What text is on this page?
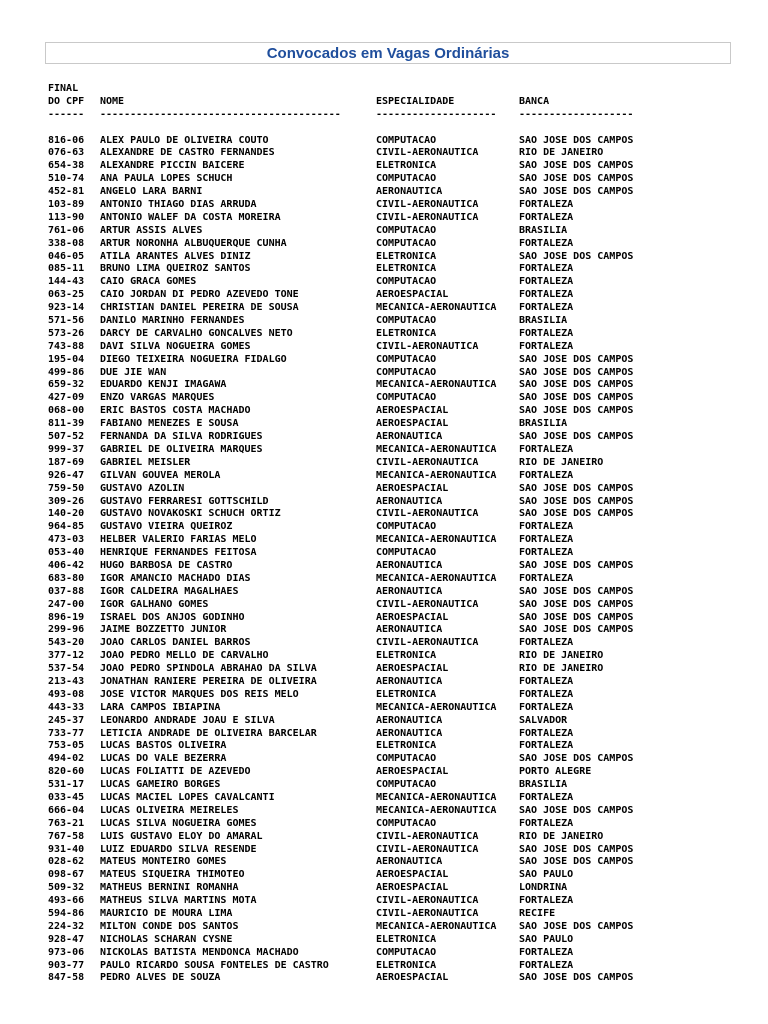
Convocados em Vagas Ordinárias
FINAL
DO CPF	NOME	ESPECIALIDADE	BANCA
------	----------------------------------------	--------------------	-------------------
816-06	ALEX PAULO DE OLIVEIRA COUTO	COMPUTACAO	SAO JOSE DOS CAMPOS
076-63	ALEXANDRE DE CASTRO FERNANDES	CIVIL-AERONAUTICA	RIO DE JANEIRO
654-38	ALEXANDRE PICCIN BAICERE	ELETRONICA	SAO JOSE DOS CAMPOS
510-74	ANA PAULA LOPES SCHUCH	COMPUTACAO	SAO JOSE DOS CAMPOS
452-81	ANGELO LARA BARNI	AERONAUTICA	SAO JOSE DOS CAMPOS
103-89	ANTONIO THIAGO DIAS ARRUDA	CIVIL-AERONAUTICA	FORTALEZA
113-90	ANTONIO WALEF DA COSTA MOREIRA	CIVIL-AERONAUTICA	FORTALEZA
761-06	ARTUR ASSIS ALVES	COMPUTACAO	BRASILIA
338-08	ARTUR NORONHA ALBUQUERQUE CUNHA	COMPUTACAO	FORTALEZA
046-05	ATILA ARANTES ALVES DINIZ	ELETRONICA	SAO JOSE DOS CAMPOS
085-11	BRUNO LIMA QUEIROZ SANTOS	ELETRONICA	FORTALEZA
144-43	CAIO GRACA GOMES	COMPUTACAO	FORTALEZA
063-25	CAIO JORDAN DI PEDRO AZEVEDO TONE	AEROESPACIAL	FORTALEZA
923-14	CHRISTIAN DANIEL PEREIRA DE SOUSA	MECANICA-AERONAUTICA	FORTALEZA
571-56	DANILO MARINHO FERNANDES	COMPUTACAO	BRASILIA
573-26	DARCY DE CARVALHO GONCALVES NETO	ELETRONICA	FORTALEZA
743-88	DAVI SILVA NOGUEIRA GOMES	CIVIL-AERONAUTICA	FORTALEZA
195-04	DIEGO TEIXEIRA NOGUEIRA FIDALGO	COMPUTACAO	SAO JOSE DOS CAMPOS
499-86	DUE JIE WAN	COMPUTACAO	SAO JOSE DOS CAMPOS
659-32	EDUARDO KENJI IMAGAWA	MECANICA-AERONAUTICA	SAO JOSE DOS CAMPOS
427-09	ENZO VARGAS MARQUES	COMPUTACAO	SAO JOSE DOS CAMPOS
068-00	ERIC BASTOS COSTA MACHADO	AEROESPACIAL	SAO JOSE DOS CAMPOS
811-39	FABIANO MENEZES E SOUSA	AEROESPACIAL	BRASILIA
507-52	FERNANDA DA SILVA RODRIGUES	AERONAUTICA	SAO JOSE DOS CAMPOS
999-37	GABRIEL DE OLIVEIRA MARQUES	MECANICA-AERONAUTICA	FORTALEZA
187-69	GABRIEL MEISLER	CIVIL-AERONAUTICA	RIO DE JANEIRO
926-47	GILVAN GOUVEA MEROLA	MECANICA-AERONAUTICA	FORTALEZA
759-50	GUSTAVO AZOLIN	AEROESPACIAL	SAO JOSE DOS CAMPOS
309-26	GUSTAVO FERRARESI GOTTSCHILD	AERONAUTICA	SAO JOSE DOS CAMPOS
140-20	GUSTAVO NOVAKOSKI SCHUCH ORTIZ	CIVIL-AERONAUTICA	SAO JOSE DOS CAMPOS
964-85	GUSTAVO VIEIRA QUEIROZ	COMPUTACAO	FORTALEZA
473-03	HELBER VALERIO FARIAS MELO	MECANICA-AERONAUTICA	FORTALEZA
053-40	HENRIQUE FERNANDES FEITOSA	COMPUTACAO	FORTALEZA
406-42	HUGO BARBOSA DE CASTRO	AERONAUTICA	SAO JOSE DOS CAMPOS
683-80	IGOR AMANCIO MACHADO DIAS	MECANICA-AERONAUTICA	FORTALEZA
037-88	IGOR CALDEIRA MAGALHAES	AERONAUTICA	SAO JOSE DOS CAMPOS
247-00	IGOR GALHANO GOMES	CIVIL-AERONAUTICA	SAO JOSE DOS CAMPOS
896-19	ISRAEL DOS ANJOS GODINHO	AEROESPACIAL	SAO JOSE DOS CAMPOS
299-96	JAIME BOZZETTO JUNIOR	AERONAUTICA	SAO JOSE DOS CAMPOS
543-20	JOAO CARLOS DANIEL BARROS	CIVIL-AERONAUTICA	FORTALEZA
377-12	JOAO PEDRO MELLO DE CARVALHO	ELETRONICA	RIO DE JANEIRO
537-54	JOAO PEDRO SPINDOLA ABRAHAO DA SILVA	AEROESPACIAL	RIO DE JANEIRO
213-43	JONATHAN RANIERE PEREIRA DE OLIVEIRA	AERONAUTICA	FORTALEZA
493-08	JOSE VICTOR MARQUES DOS REIS MELO	ELETRONICA	FORTALEZA
443-33	LARA CAMPOS IBIAPINA	MECANICA-AERONAUTICA	FORTALEZA
245-37	LEONARDO ANDRADE JOAU E SILVA	AERONAUTICA	SALVADOR
733-77	LETICIA ANDRADE DE OLIVEIRA BARCELAR	AERONAUTICA	FORTALEZA
753-05	LUCAS BASTOS OLIVEIRA	ELETRONICA	FORTALEZA
494-02	LUCAS DO VALE BEZERRA	COMPUTACAO	SAO JOSE DOS CAMPOS
820-60	LUCAS FOLIATTI DE AZEVEDO	AEROESPACIAL	PORTO ALEGRE
531-17	LUCAS GAMEIRO BORGES	COMPUTACAO	BRASILIA
033-45	LUCAS MACIEL LOPES CAVALCANTI	MECANICA-AERONAUTICA	FORTALEZA
666-04	LUCAS OLIVEIRA MEIRELES	MECANICA-AERONAUTICA	SAO JOSE DOS CAMPOS
763-21	LUCAS SILVA NOGUEIRA GOMES	COMPUTACAO	FORTALEZA
767-58	LUIS GUSTAVO ELOY DO AMARAL	CIVIL-AERONAUTICA	RIO DE JANEIRO
931-40	LUIZ EDUARDO SILVA RESENDE	CIVIL-AERONAUTICA	SAO JOSE DOS CAMPOS
028-62	MATEUS MONTEIRO GOMES	AERONAUTICA	SAO JOSE DOS CAMPOS
098-67	MATEUS SIQUEIRA THIMOTEO	AEROESPACIAL	SAO PAULO
509-32	MATHEUS BERNINI ROMANHA	AEROESPACIAL	LONDRINA
493-66	MATHEUS SILVA MARTINS MOTA	CIVIL-AERONAUTICA	FORTALEZA
594-86	MAURICIO DE MOURA LIMA	CIVIL-AERONAUTICA	RECIFE
224-32	MILTON CONDE DOS SANTOS	MECANICA-AERONAUTICA	SAO JOSE DOS CAMPOS
928-47	NICHOLAS SCHARAN CYSNE	ELETRONICA	SAO PAULO
973-06	NICKOLAS BATISTA MENDONCA MACHADO	COMPUTACAO	FORTALEZA
903-77	PAULO RICARDO SOUSA FONTELES DE CASTRO	ELETRONICA	FORTALEZA
847-58	PEDRO ALVES DE SOUZA	AEROESPACIAL	SAO JOSE DOS CAMPOS
